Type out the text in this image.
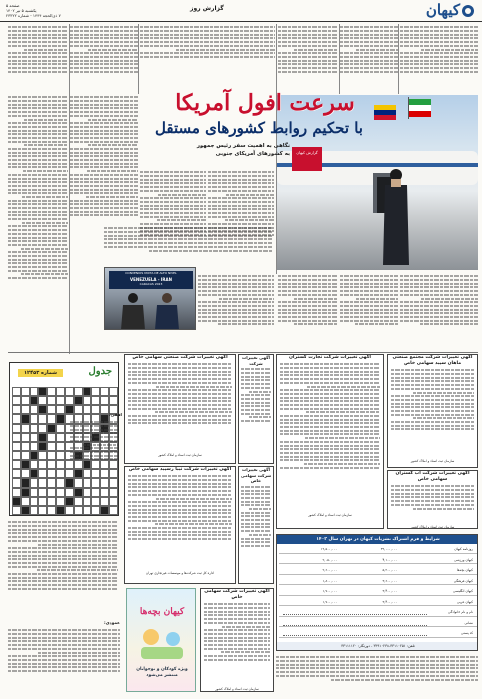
کیهان
گزارش روز
صفحه ۵
یکشنبه ۵ تیر ۱۴۰۲
۷ ذی‌الحجه ۱۴۴۴ - شماره ۲۳۳۲۲
سرعت افول آمریکا
با تحکیم روابط کشورهای مستقل
نگاهی به اهمیت سفر رئیس جمهور
به کشورهای آمریکای جنوبی	گزارش کیهان
CONVENIOS MIXTA DE ALTO NIVEL
VENEZUELA - IRAN
CARACAS 2023
جدول
شماره ۱۲۴۵۳
افقی:
عمودی:
آگهی تغییرات شرکت مجتمع صنعتی ماهان سپید سهامی خاص
سازمان ثبت اسناد و املاک کشور
آگهی تغییرات شرکت تجارت گستران
سازمان ثبت اسناد و املاک کشور
آگهی تغییرات شرکت آب گستران سهامی خاص
سازمان ثبت اسناد و املاک کشور
آگهی تغییرات شرکت
آگهی تغییرات شرکت صنعتی سهامی خاص
سازمان ثبت اسناد و املاک کشور
آگهی تغییرات شرکت تیبا رسپید سهامی خاص
اداره کل ثبت شرکت‌ها و موسسات غیرتجاری تهران
آگهی تغییرات شرکت سهامی خاص
آگهی تغییرات شرکت سهامی خاص
سازمان ثبت اسناد و املاک کشور
شرایط و فرم اشتراک نشریات کیهان در تهران سال ۱۴۰۲
روزنامه کیهان
۳۹,۰۰۰,۰۰۰
۱۹,۵۰۰,۰۰۰
کیهان ورزشی
۴,۱۰۰,۰۰۰
۲,۰۵۰,۰۰۰
کیهان بچه‌ها
۵,۲۰۰,۰۰۰
۲,۶۰۰,۰۰۰
کیهان فرهنگی
۳,۶۰۰,۰۰۰
۱,۸۰۰,۰۰۰
کیهان انگلیسی
۳,۴۰۰,۰۰۰
۱,۷۰۰,۰۰۰
کیهان عربی
۳,۴۰۰,۰۰۰
۱,۷۰۰,۰۰۰
نام و نام خانوادگی
نشانی
کد پستی
تلفن: ۳۳۱۱۰۲۵۱-۳۳۹۱۰۲۳۸ - دورنگار: ۳۳۱۱۱۱۲۰
کیهان بچه‌ها
ویژه کودکان و نوجوانان
منتشر می‌شود
